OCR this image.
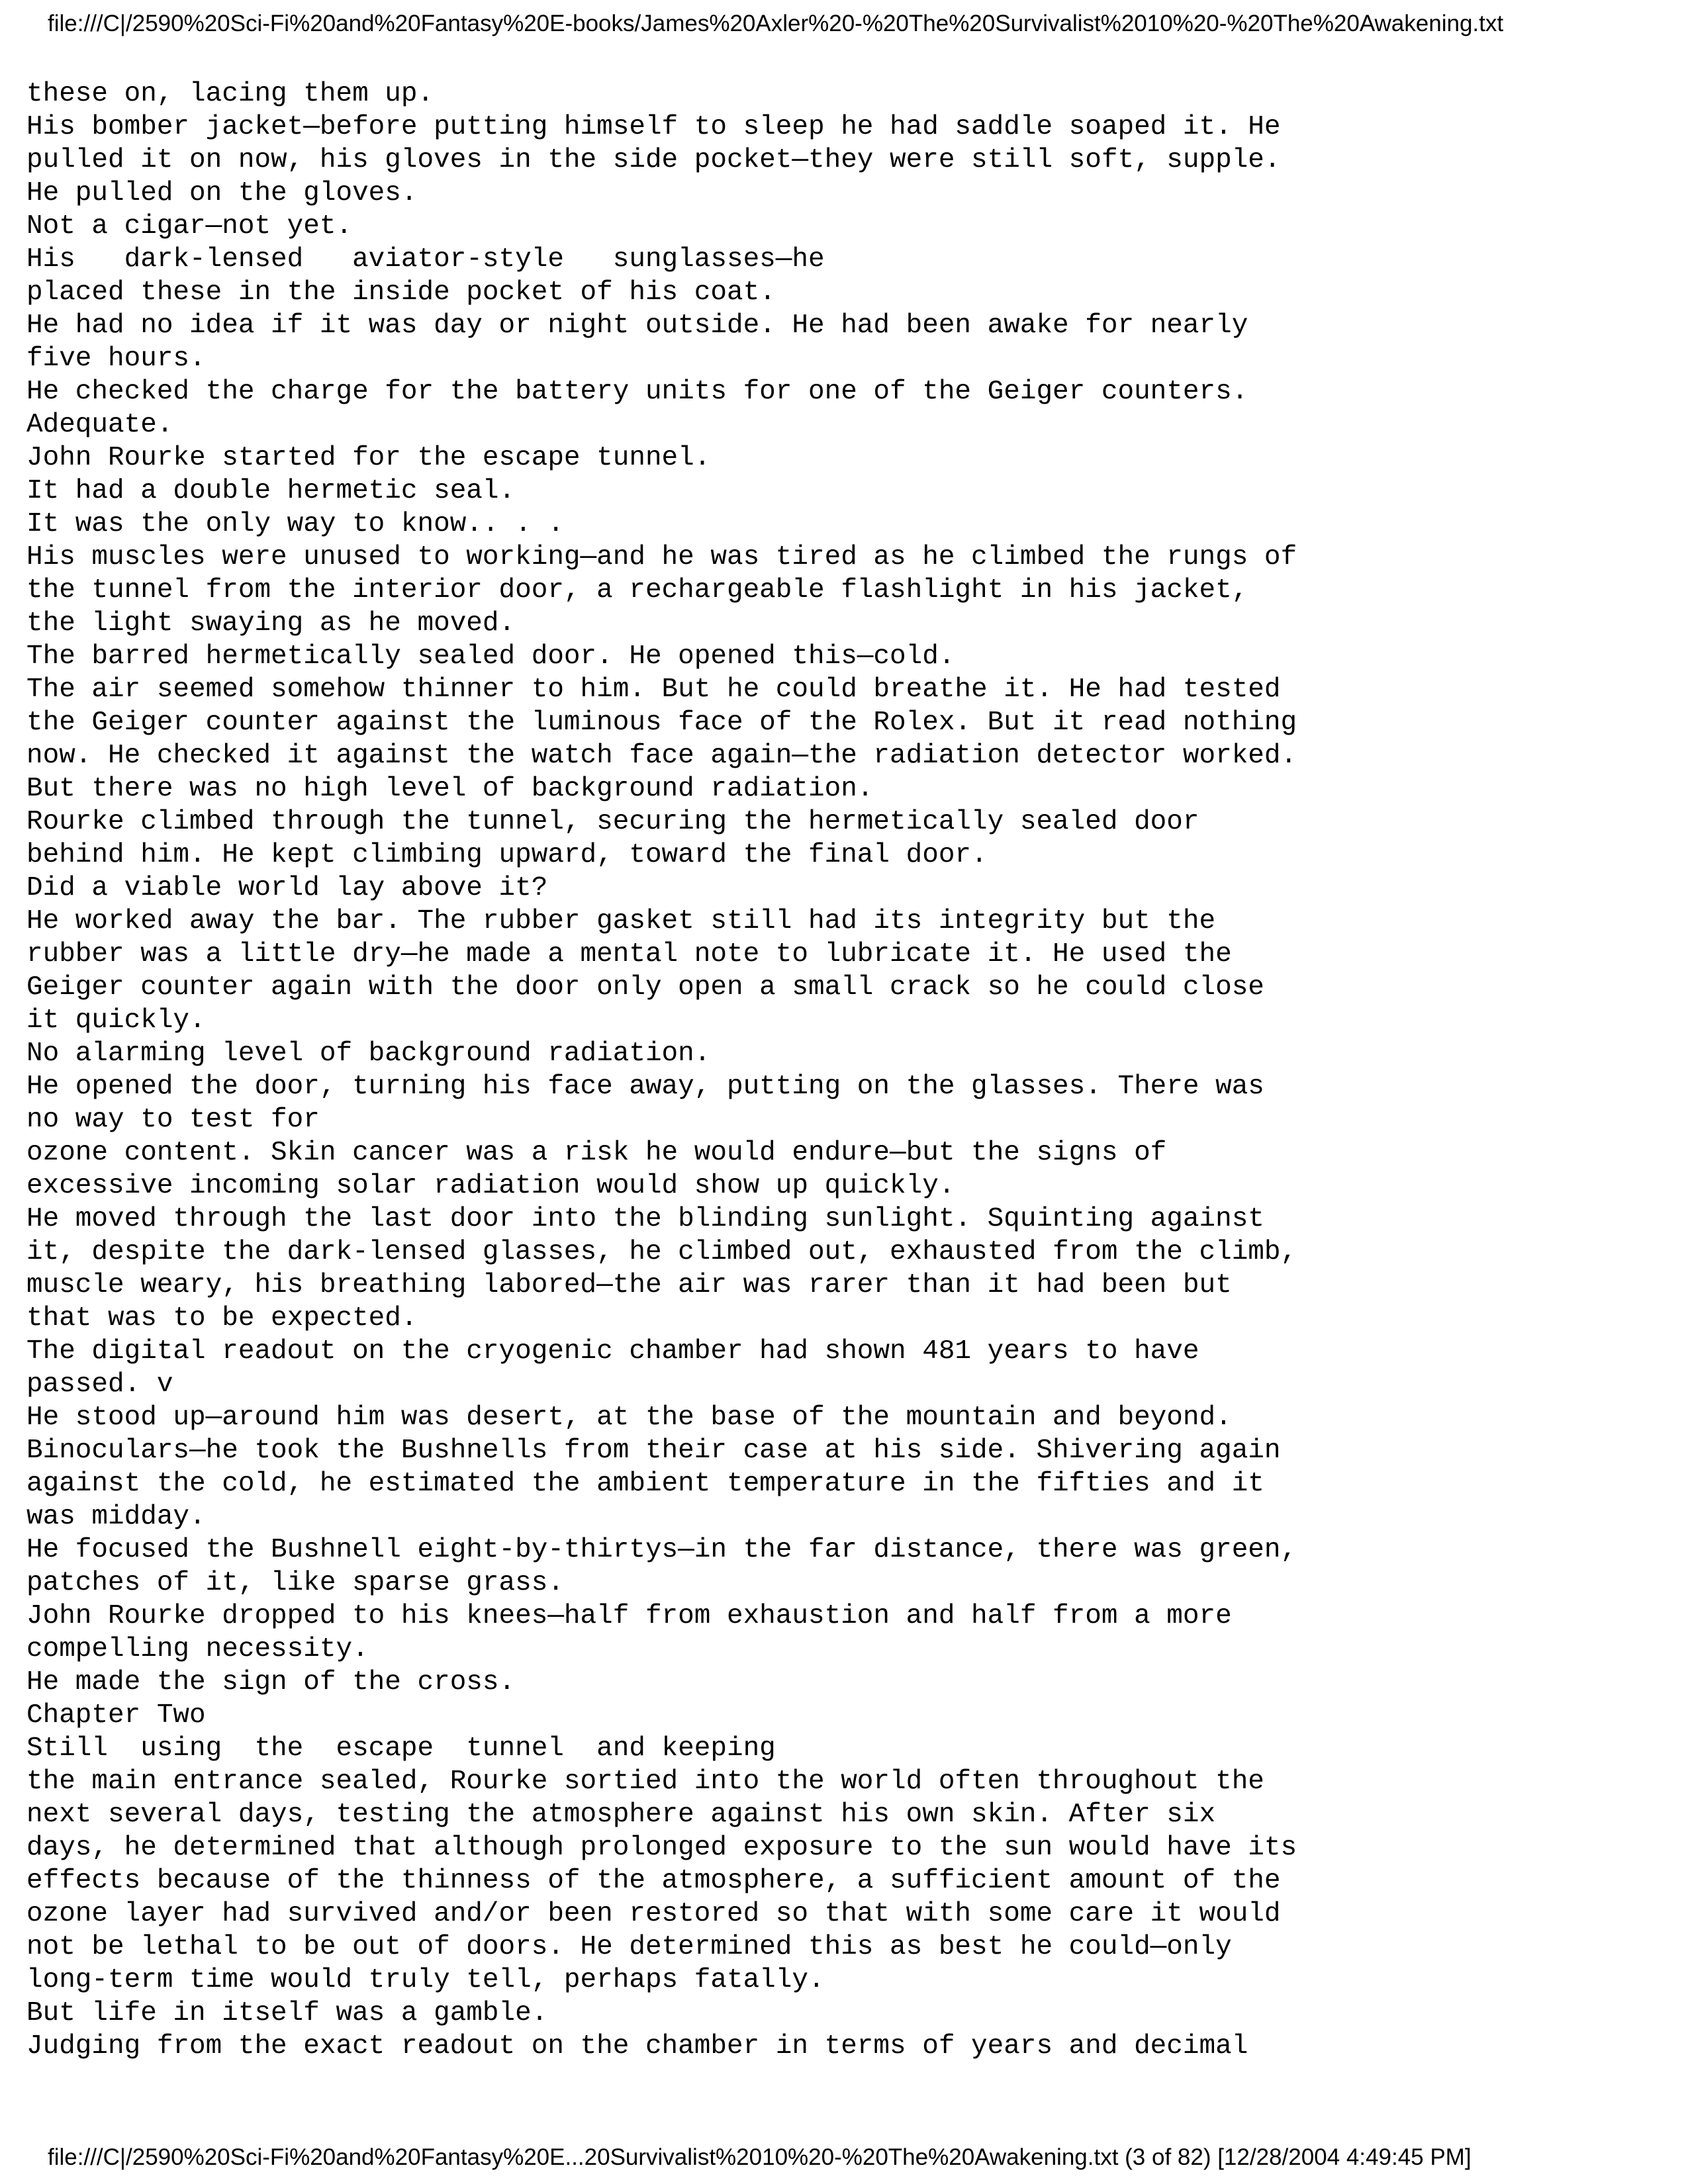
file:///C|/2590%20Sci-Fi%20and%20Fantasy%20E-books/James%20Axler%20-%20The%20Survivalist%2010%20-%20The%20Awakening.txt
these on, lacing them up.
His bomber jacket—before putting himself to sleep he had saddle soaped it. He
pulled it on now, his gloves in the side pocket—they were still soft, supple.
He pulled on the gloves.
Not a cigar—not yet.
His   dark-lensed   aviator-style   sunglasses—he
placed these in the inside pocket of his coat.
He had no idea if it was day or night outside. He had been awake for nearly
five hours.
He checked the charge for the battery units for one of the Geiger counters.
Adequate.
John Rourke started for the escape tunnel.
It had a double hermetic seal.
It was the only way to know.. . .
His muscles were unused to working—and he was tired as he climbed the rungs of
the tunnel from the interior door, a rechargeable flashlight in his jacket,
the light swaying as he moved.
The barred hermetically sealed door. He opened this—cold.
The air seemed somehow thinner to him. But he could breathe it. He had tested
the Geiger counter against the luminous face of the Rolex. But it read nothing
now. He checked it against the watch face again—the radiation detector worked.
But there was no high level of background radiation.
Rourke climbed through the tunnel, securing the hermetically sealed door
behind him. He kept climbing upward, toward the final door.
Did a viable world lay above it?
He worked away the bar. The rubber gasket still had its integrity but the
rubber was a little dry—he made a mental note to lubricate it. He used the
Geiger counter again with the door only open a small crack so he could close
it quickly.
No alarming level of background radiation.
He opened the door, turning his face away, putting on the glasses. There was
no way to test for
ozone content. Skin cancer was a risk he would endure—but the signs of
excessive incoming solar radiation would show up quickly.
He moved through the last door into the blinding sunlight. Squinting against
it, despite the dark-lensed glasses, he climbed out, exhausted from the climb,
muscle weary, his breathing labored—the air was rarer than it had been but
that was to be expected.
The digital readout on the cryogenic chamber had shown 481 years to have
passed. v
He stood up—around him was desert, at the base of the mountain and beyond.
Binoculars—he took the Bushnells from their case at his side. Shivering again
against the cold, he estimated the ambient temperature in the fifties and it
was midday.
He focused the Bushnell eight-by-thirtys—in the far distance, there was green,
patches of it, like sparse grass.
John Rourke dropped to his knees—half from exhaustion and half from a more
compelling necessity.
He made the sign of the cross.
Chapter Two
Still  using  the  escape  tunnel  and keeping
the main entrance sealed, Rourke sortied into the world often throughout the
next several days, testing the atmosphere against his own skin. After six
days, he determined that although prolonged exposure to the sun would have its
effects because of the thinness of the atmosphere, a sufficient amount of the
ozone layer had survived and/or been restored so that with some care it would
not be lethal to be out of doors. He determined this as best he could—only
long-term time would truly tell, perhaps fatally.
But life in itself was a gamble.
Judging from the exact readout on the chamber in terms of years and decimal
file:///C|/2590%20Sci-Fi%20and%20Fantasy%20E...20Survivalist%2010%20-%20The%20Awakening.txt (3 of 82) [12/28/2004 4:49:45 PM]
